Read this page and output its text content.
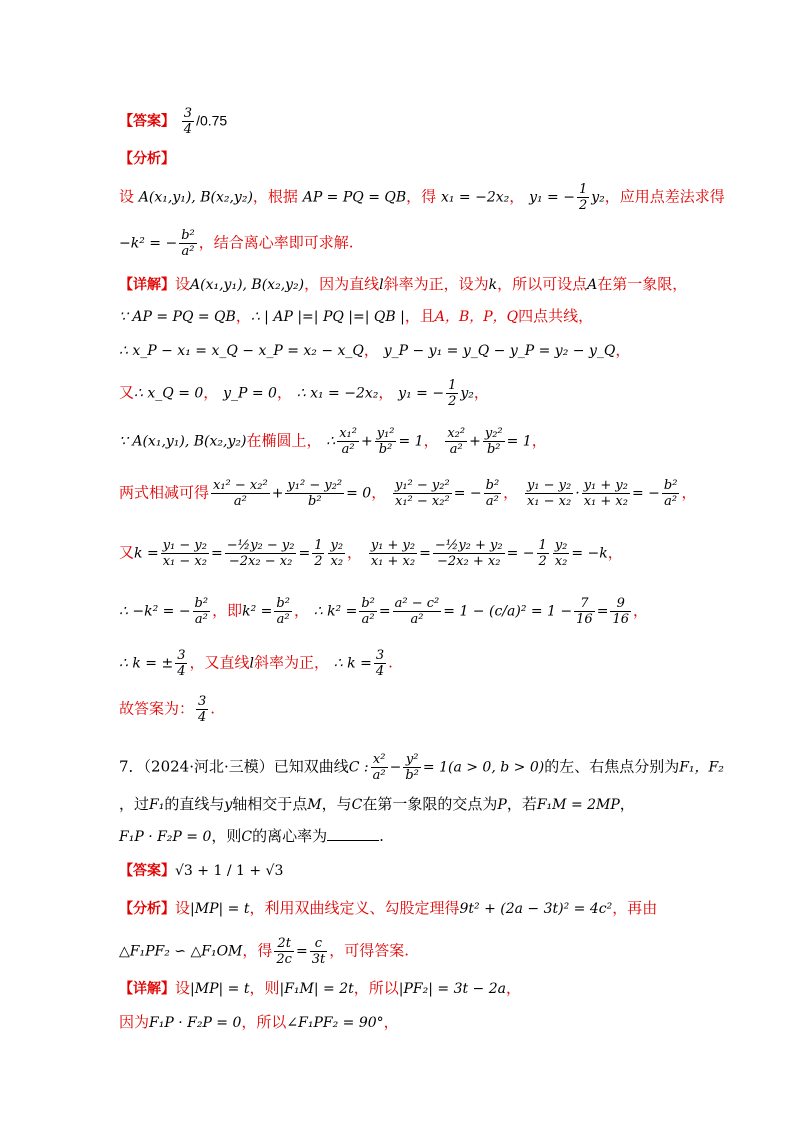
【答案】 $\frac{3}{4} /0.75$
【分析】
设 A(x₁,y₁), B(x₂,y₂)，根据 AP = PQ = QB，得 x₁ = −2x₂， y₁ = − $\frac{1}{2} y_2$，应用点差法求得
−k² = − $\frac{\text{b²}}{\text{a²}}$ ，结合离心率即可求解.
【详解】设A(x₁,y₁), B(x₂,y₂)，因为直线l斜率为正，设为k，所以可设点A在第一象限，
∵ AP = PQ = QB，∴ | AP |=| PQ |=| QB |，且A，B，P，Q四点共线，
∴ x_P − x₁ = x_Q − x_P = x₂ − x_Q， y_P − y₁ = y_Q − y_P = y₂ − y_Q，
又∴ x_Q = 0， y_P = 0， ∴ x₁ = −2x₂， y₁ = − $\frac{1}{2} y_2$，
∵ A(x₁,y₁), B(x₂,y₂)在椭圆上， ∴ $\frac{\text{x₁²}}{\text{a²}} + \frac{\text{y₁²}}{\text{b²}} = 1$， $\frac{\text{x₂²}}{\text{a²}} + \frac{\text{y₂²}}{\text{b²}} = 1$，
两式相减可得 $\frac{\text{x₁² − x₂²}}{\text{a²}} + \frac{\text{y₁² − y₂²}}{\text{b²}} = 0$， $\frac{\text{y₁² − y₂²}}{\text{x₁² − x₂²}}$ = − $\frac{\text{b²}}{\text{a²}}$ ， $\frac{\text{y₁ − y₂}}{\text{x₁ − x₂}} \cdot \frac{\text{y₁ + y₂}}{\text{x₁ + x₂}}$ = − $\frac{\text{b²}}{\text{a²}}$ ，
又$k = \frac{\text{y₁ − y₂}}{\text{x₁ − x₂}} = \frac{\text{−½y₂ − y₂}}{\text{−2x₂ − x₂}} = \frac{1}{2} \frac{\text{y₂}}{\text{x₂}}$ ， $\frac{\text{y₁ + y₂}}{\text{x₁ + x₂}} = \frac{\text{−½y₂ + y₂}}{\text{−2x₂ + x₂}}$ = − $\frac{1}{2} \frac{\text{y₂}}{\text{x₂}} = -k$，
∴ −k² = − $\frac{\text{b²}}{\text{a²}}$ ，即$k^2 = \frac{\text{b²}}{\text{a²}}$ ， ∴ $k^2 = \frac{\text{b²}}{\text{a²}} = \frac{\text{a² − c²}}{\text{a²}} = 1 - (c/a)^2 = 1 - \frac{7}{16} = \frac{9}{16}$ ，
∴ k = ± $\frac{3}{4}$ ，又直线l斜率为正， ∴ $k = \frac{3}{4}$ .
故答案为： $\frac{3}{4}$ .
7．（2024·河北·三模）已知双曲线C : $\frac{\text{x²}}{\text{a²}} - \frac{\text{y²}}{\text{b²}} = 1(a > 0$, b > 0)的左、右焦点分别为F₁，F₂
，过F₁的直线与y轴相交于点M，与C在第一象限的交点为P，若F₁M = 2MP，
F₁P · F₂P = 0，则C的离心率为	.
【答案】√3 + 1 / 1 + √3
【分析】设|MP| = t，利用双曲线定义、勾股定理得9t² + (2a − 3t)² = 4c²，再由
△F₁PF₂ ∽ △F₁OM，得 $\frac{2t}{2c} = \frac{c}{3t}$ ，可得答案.
【详解】设|MP| = t，则|F₁M| = 2t，所以|PF₂| = 3t − 2a，
因为F₁P · F₂P = 0，所以∠F₁PF₂ = 90°，
